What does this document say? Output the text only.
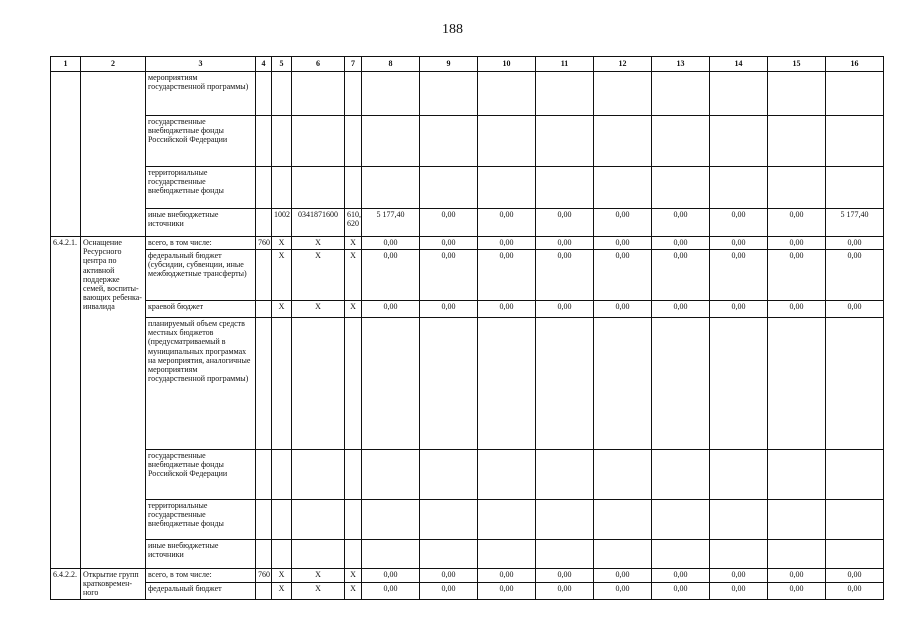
188
1	2	3	4	5	6	7	8	9	10	11	12	13	14	15	16
		мероприятиям государственной программы)													
		государственные внебюджетные фонды Российской Федерации													
		территориальные государственные внебюджетные фонды													
		иные внебюджетные источники		1002	0341871600	610, 620	5 177,40	0,00	0,00	0,00	0,00	0,00	0,00	0,00	5 177,40
6.4.2.1.	Оснащение Ресурсного центра по активной поддержке семей, воспиты-вающих ребенка-инвалида	всего, в том числе:	760	Х	Х	Х	0,00	0,00	0,00	0,00	0,00	0,00	0,00	0,00	0,00
		федеральный бюджет (субсидии, субвенции, иные межбюджетные трансферты)		Х	Х	Х	0,00	0,00	0,00	0,00	0,00	0,00	0,00	0,00	0,00
		краевой бюджет		Х	Х	Х	0,00	0,00	0,00	0,00	0,00	0,00	0,00	0,00	0,00
		планируемый объем средств местных бюджетов (предусматриваемый в муниципальных программах на мероприятия, аналогичные мероприятиям государственной программы)													
		государственные внебюджетные фонды Российской Федерации													
		территориальные государственные внебюджетные фонды													
		иные внебюджетные источники													
6.4.2.2.	Открытие групп кратковремен-ного	всего, в том числе:	760	Х	Х	Х	0,00	0,00	0,00	0,00	0,00	0,00	0,00	0,00	0,00
		федеральный бюджет		Х	Х	Х	0,00	0,00	0,00	0,00	0,00	0,00	0,00	0,00	0,00
